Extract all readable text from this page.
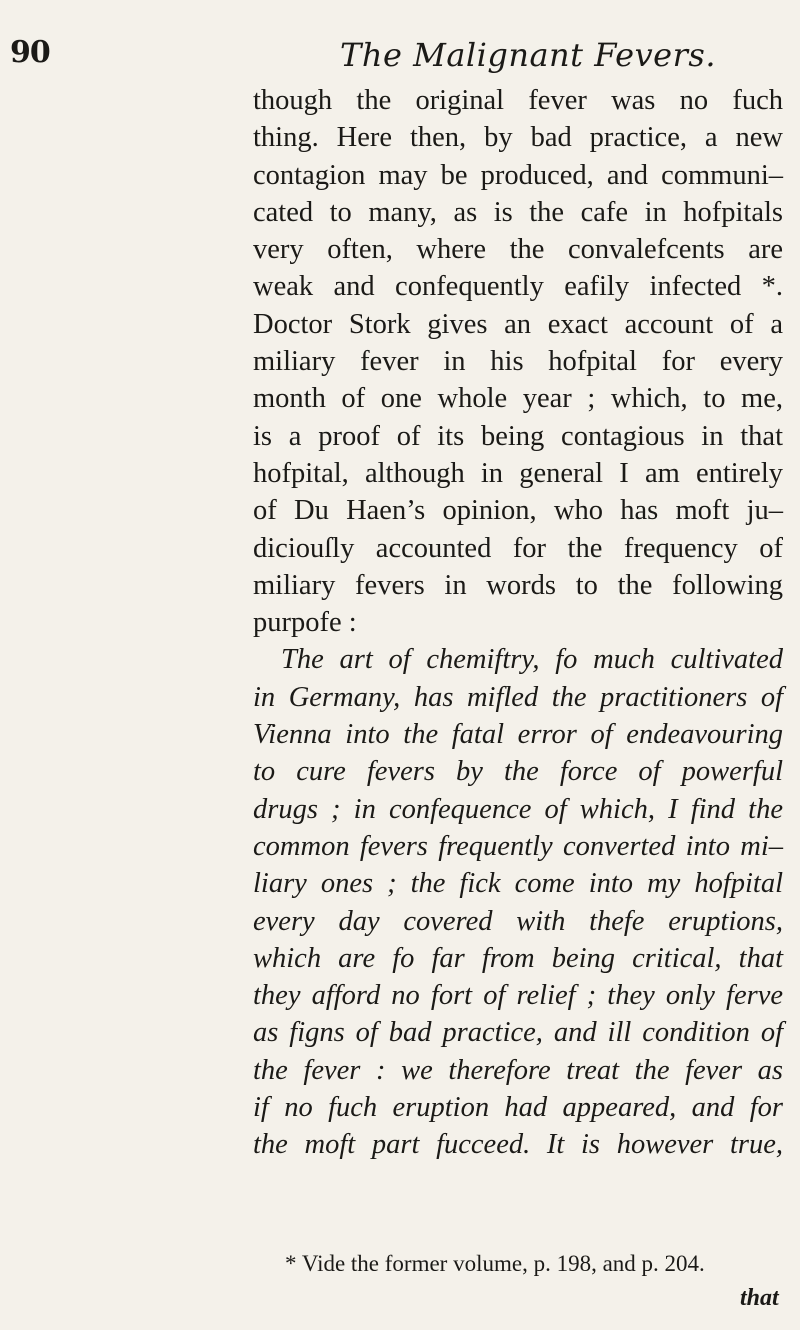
90	The Malignant Fevers.
though the original fever was no fuch
thing. Here then, by bad practice, a new
contagion may be produced, and communi–
cated to many, as is the cafe in hofpitals
very often, where the convalefcents are
weak and confequently eafily infected *.
Doctor Stork gives an exact account of a
miliary fever in his hofpital for every
month of one whole year ; which, to me,
is a proof of its being contagious in that
hofpital, although in general I am entirely
of Du Haen’s opinion, who has moft ju–
diciouſly accounted for the frequency of
miliary fevers in words to the following
purpofe :
The art of chemiftry, fo much cultivated
in Germany, has mifled the practitioners of
Vienna into the fatal error of endeavouring
to cure fevers by the force of powerful
drugs ; in confequence of which, I find the
common fevers frequently converted into mi–
liary ones ; the fick come into my hofpital
every day covered with thefe eruptions,
which are fo far from being critical, that
they afford no fort of relief ; they only ferve
as figns of bad practice, and ill condition of
the fever : we therefore treat the fever as
if no fuch eruption had appeared, and for
the moft part fucceed. It is however true,
* Vide the former volume, p. 198, and p. 204.
that
